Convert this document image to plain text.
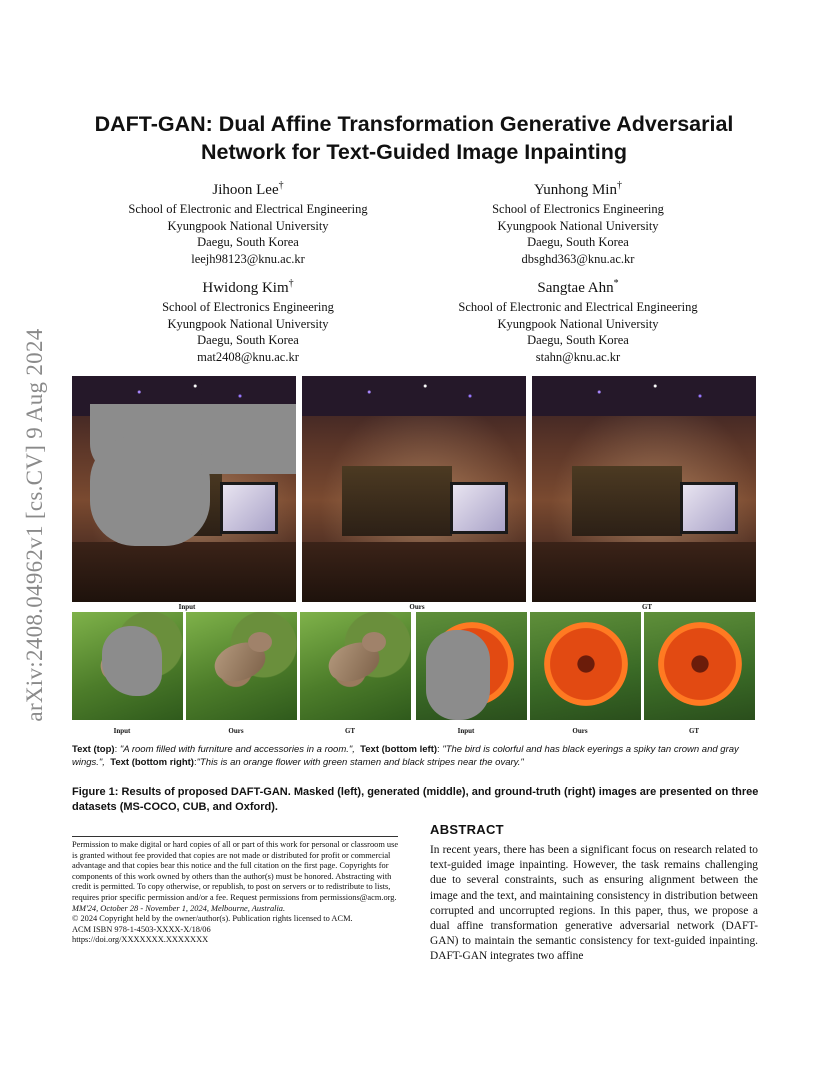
arXiv:2408.04962v1 [cs.CV] 9 Aug 2024
DAFT-GAN: Dual Affine Transformation Generative Adversarial Network for Text-Guided Image Inpainting
Jihoon Lee†
School of Electronic and Electrical Engineering
Kyungpook National University
Daegu, South Korea
leejh98123@knu.ac.kr
Yunhong Min†
School of Electronics Engineering
Kyungpook National University
Daegu, South Korea
dbsghd363@knu.ac.kr
Hwidong Kim†
School of Electronics Engineering
Kyungpook National University
Daegu, South Korea
mat2408@knu.ac.kr
Sangtae Ahn*
School of Electronic and Electrical Engineering
Kyungpook National University
Daegu, South Korea
stahn@knu.ac.kr
Input	Ours	GT
Input	Ours	GT	Input	Ours	GT
Text (top): "A room filled with furniture and accessories in a room.", Text (bottom left): "The bird is colorful and has black eyerings a spiky tan crown and gray wings.", Text (bottom right):"This is an orange flower with green stamen and black stripes near the ovary."
Figure 1: Results of proposed DAFT-GAN. Masked (left), generated (middle), and ground-truth (right) images are presented on three datasets (MS-COCO, CUB, and Oxford).
Permission to make digital or hard copies of all or part of this work for personal or classroom use is granted without fee provided that copies are not made or distributed for profit or commercial advantage and that copies bear this notice and the full citation on the first page. Copyrights for components of this work owned by others than the author(s) must be honored. Abstracting with credit is permitted. To copy otherwise, or republish, to post on servers or to redistribute to lists, requires prior specific permission and/or a fee. Request permissions from permissions@acm.org.
MM'24, October 28 - November 1, 2024, Melbourne, Australia.
© 2024 Copyright held by the owner/author(s). Publication rights licensed to ACM.
ACM ISBN 978-1-4503-XXXX-X/18/06
https://doi.org/XXXXXXX.XXXXXXX
ABSTRACT
In recent years, there has been a significant focus on research related to text-guided image inpainting. However, the task remains challenging due to several constraints, such as ensuring alignment between the image and the text, and maintaining consistency in distribution between corrupted and uncorrupted regions. In this paper, thus, we propose a dual affine transformation generative adversarial network (DAFT-GAN) to maintain the semantic consistency for text-guided inpainting. DAFT-GAN integrates two affine
